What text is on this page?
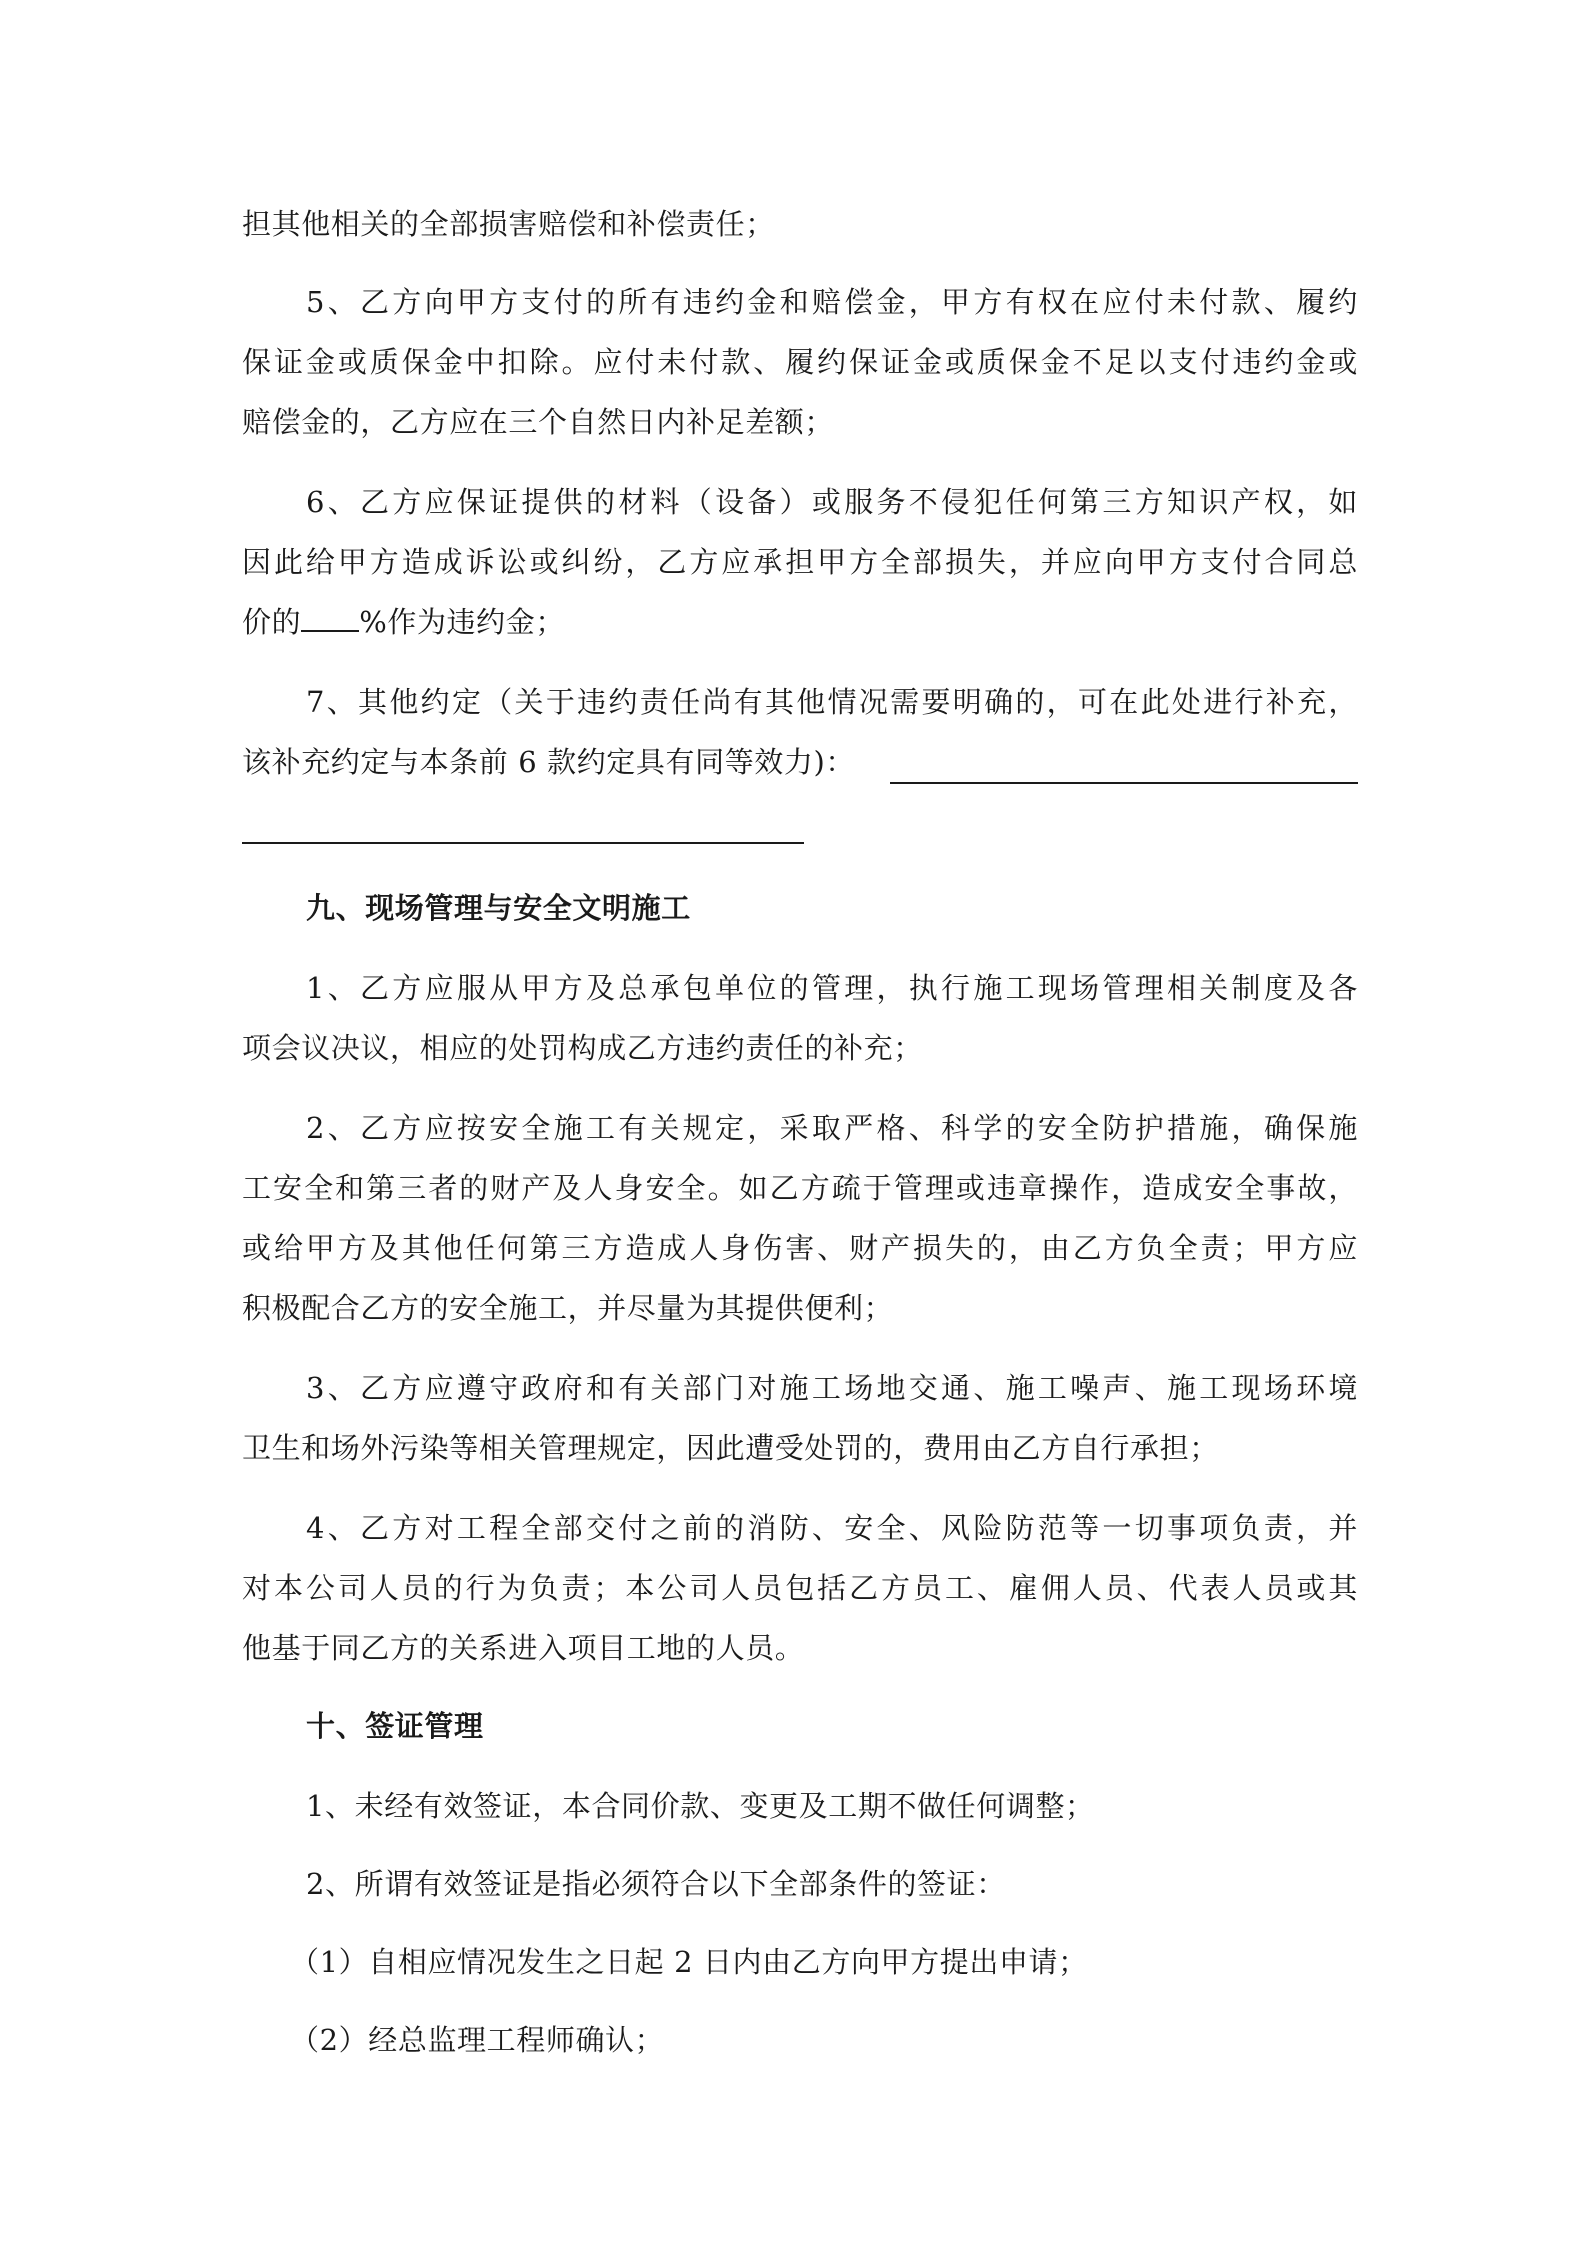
担其他相关的全部损害赔偿和补偿责任；
5、乙方向甲方支付的所有违约金和赔偿金，甲方有权在应付未付款、履约
保证金或质保金中扣除。应付未付款、履约保证金或质保金不足以支付违约金或
赔偿金的，乙方应在三个自然日内补足差额；
6、乙方应保证提供的材料（设备）或服务不侵犯任何第三方知识产权，如
因此给甲方造成诉讼或纠纷，乙方应承担甲方全部损失，并应向甲方支付合同总
价的 %作为违约金；
7、其他约定（关于违约责任尚有其他情况需要明确的，可在此处进行补充，
该补充约定与本条前 6 款约定具有同等效力)：
九、现场管理与安全文明施工
1、乙方应服从甲方及总承包单位的管理，执行施工现场管理相关制度及各
项会议决议，相应的处罚构成乙方违约责任的补充；
2、乙方应按安全施工有关规定，采取严格、科学的安全防护措施，确保施
工安全和第三者的财产及人身安全。如乙方疏于管理或违章操作，造成安全事故，
或给甲方及其他任何第三方造成人身伤害、财产损失的，由乙方负全责；甲方应
积极配合乙方的安全施工，并尽量为其提供便利；
3、乙方应遵守政府和有关部门对施工场地交通、施工噪声、施工现场环境
卫生和场外污染等相关管理规定，因此遭受处罚的，费用由乙方自行承担；
4、乙方对工程全部交付之前的消防、安全、风险防范等一切事项负责，并
对本公司人员的行为负责；本公司人员包括乙方员工、雇佣人员、代表人员或其
他基于同乙方的关系进入项目工地的人员。
十、签证管理
1、未经有效签证，本合同价款、变更及工期不做任何调整；
2、所谓有效签证是指必须符合以下全部条件的签证：
（1）自相应情况发生之日起 2 日内由乙方向甲方提出申请；
（2）经总监理工程师确认；
